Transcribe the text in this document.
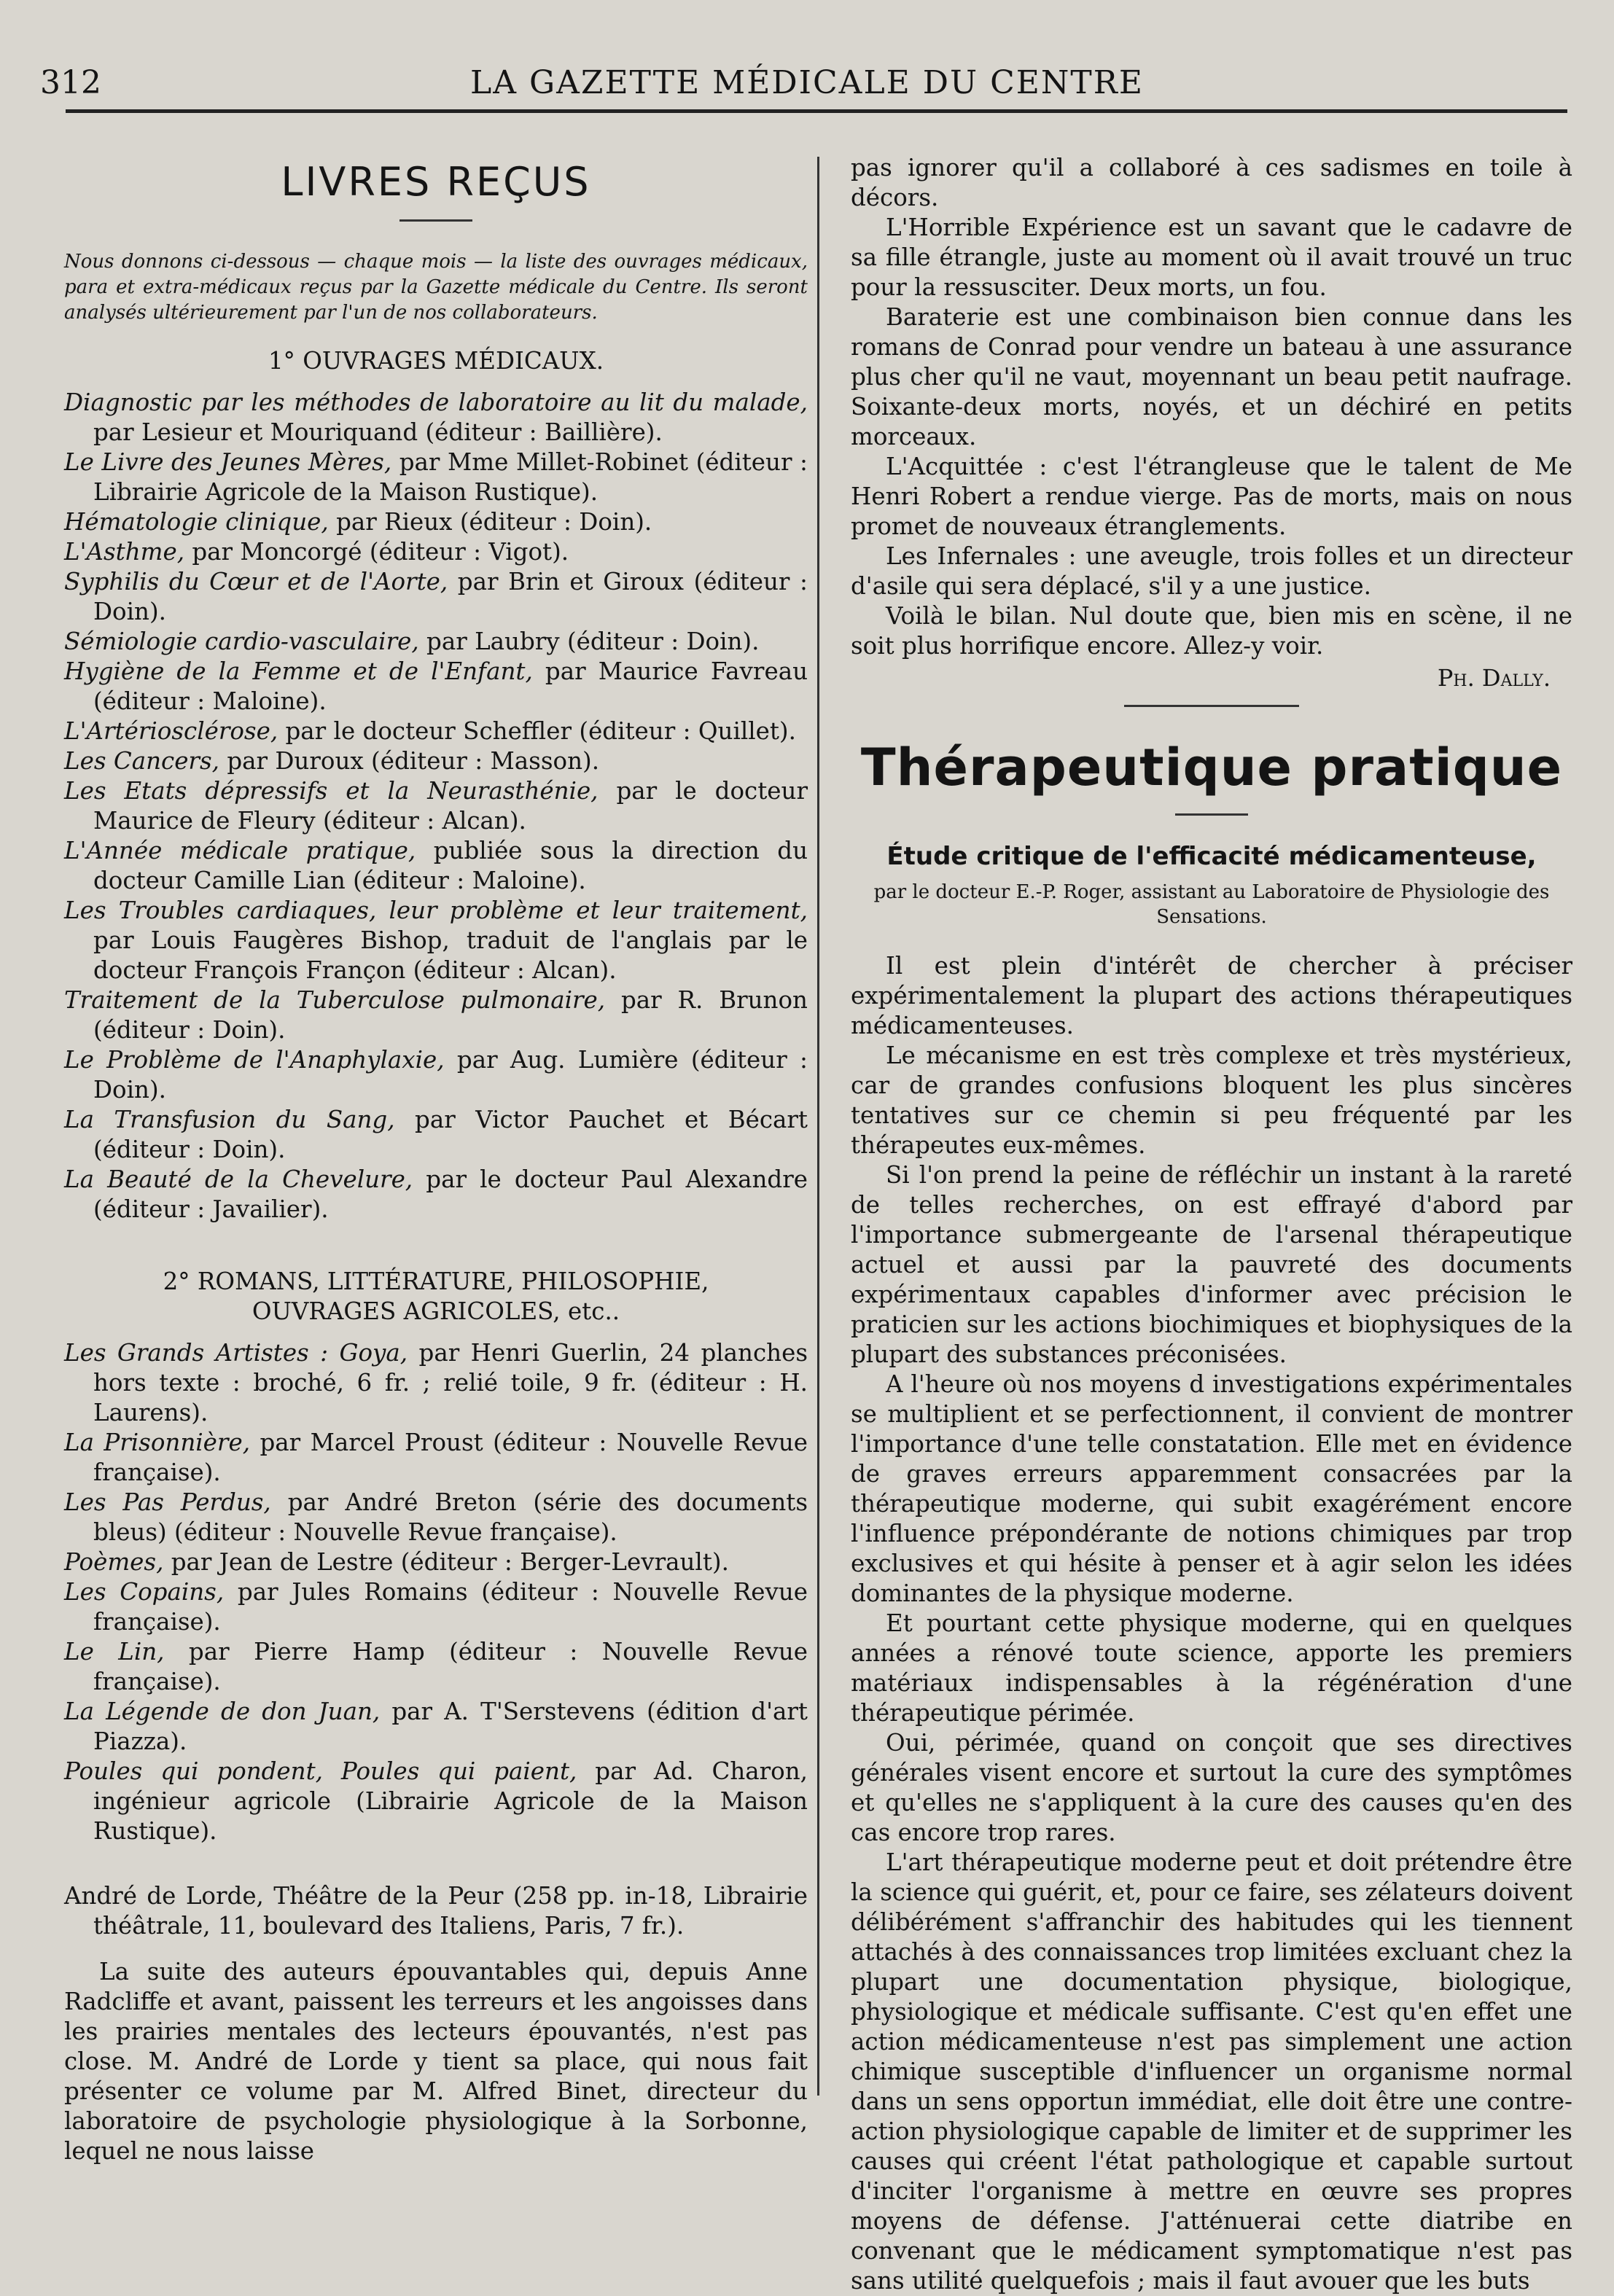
312	LA GAZETTE MÉDICALE DU CENTRE
LIVRES REÇUS

Nous donnons ci-dessous — chaque mois — la liste des ouvrages médicaux, para et extra-médicaux reçus par la Gazette médicale du Centre. Ils seront analysés ultérieurement par l'un de nos collaborateurs.

1° OUVRAGES MÉDICAUX.

Diagnostic par les méthodes de laboratoire au lit du malade, par Lesieur et Mouriquand (éditeur : Baillière).

Le Livre des Jeunes Mères, par Mme Millet-Robinet (éditeur : Librairie Agricole de la Maison Rustique).

Hématologie clinique, par Rieux (éditeur : Doin).

L'Asthme, par Moncorgé (éditeur : Vigot).

Syphilis du Cœur et de l'Aorte, par Brin et Giroux (éditeur : Doin).

Sémiologie cardio-vasculaire, par Laubry (éditeur : Doin).

Hygiène de la Femme et de l'Enfant, par Maurice Favreau (éditeur : Maloine).

L'Artériosclérose, par le docteur Scheffler (éditeur : Quillet).

Les Cancers, par Duroux (éditeur : Masson).

Les Etats dépressifs et la Neurasthénie, par le docteur Maurice de Fleury (éditeur : Alcan).

L'Année médicale pratique, publiée sous la direction du docteur Camille Lian (éditeur : Maloine).

Les Troubles cardiaques, leur problème et leur traitement, par Louis Faugères Bishop, traduit de l'anglais par le docteur François Françon (éditeur : Alcan).

Traitement de la Tuberculose pulmonaire, par R. Brunon (éditeur : Doin).

Le Problème de l'Anaphylaxie, par Aug. Lumière (éditeur : Doin).

La Transfusion du Sang, par Victor Pauchet et Bécart (éditeur : Doin).

La Beauté de la Chevelure, par le docteur Paul Alexandre (éditeur : Javailier).

2° ROMANS, LITTÉRATURE, PHILOSOPHIE,
OUVRAGES AGRICOLES, etc..

Les Grands Artistes : Goya, par Henri Guerlin, 24 planches hors texte : broché, 6 fr. ; relié toile, 9 fr. (éditeur : H. Laurens).

La Prisonnière, par Marcel Proust (éditeur : Nouvelle Revue française).

Les Pas Perdus, par André Breton (série des documents bleus) (éditeur : Nouvelle Revue française).

Poèmes, par Jean de Lestre (éditeur : Berger-Levrault).

Les Copains, par Jules Romains (éditeur : Nouvelle Revue française).

Le Lin, par Pierre Hamp (éditeur : Nouvelle Revue française).

La Légende de don Juan, par A. T'Serstevens (édition d'art Piazza).

Poules qui pondent, Poules qui paient, par Ad. Charon, ingénieur agricole (Librairie Agricole de la Maison Rustique).

André de Lorde, Théâtre de la Peur (258 pp. in-18, Librairie théâtrale, 11, boulevard des Italiens, Paris, 7 fr.).

La suite des auteurs épouvantables qui, depuis Anne Radcliffe et avant, paissent les terreurs et les angoisses dans les prairies mentales des lecteurs épouvantés, n'est pas close. M. André de Lorde y tient sa place, qui nous fait présenter ce volume par M. Alfred Binet, directeur du laboratoire de psychologie physiologique à la Sorbonne, lequel ne nous laisse

pas ignorer qu'il a collaboré à ces sadismes en toile à décors.

L'Horrible Expérience est un savant que le cadavre de sa fille étrangle, juste au moment où il avait trouvé un truc pour la ressusciter. Deux morts, un fou.

Baraterie est une combinaison bien connue dans les romans de Conrad pour vendre un bateau à une assurance plus cher qu'il ne vaut, moyennant un beau petit naufrage. Soixante-deux morts, noyés, et un déchiré en petits morceaux.

L'Acquittée : c'est l'étrangleuse que le talent de Me Henri Robert a rendue vierge. Pas de morts, mais on nous promet de nouveaux étranglements.

Les Infernales : une aveugle, trois folles et un directeur d'asile qui sera déplacé, s'il y a une justice.

Voilà le bilan. Nul doute que, bien mis en scène, il ne soit plus horrifique encore. Allez-y voir.

Ph. Dally.
Thérapeutique pratique
Étude critique de l'efficacité médicamenteuse,
par le docteur E.-P. Roger, assistant au Laboratoire de Physiologie des Sensations.

Il est plein d'intérêt de chercher à préciser expérimentalement la plupart des actions thérapeutiques médicamenteuses.

Le mécanisme en est très complexe et très mystérieux, car de grandes confusions bloquent les plus sincères tentatives sur ce chemin si peu fréquenté par les thérapeutes eux-mêmes.

Si l'on prend la peine de réfléchir un instant à la rareté de telles recherches, on est effrayé d'abord par l'importance submergeante de l'arsenal thérapeutique actuel et aussi par la pauvreté des documents expérimentaux capables d'informer avec précision le praticien sur les actions biochimiques et biophysiques de la plupart des substances préconisées.

A l'heure où nos moyens d investigations expérimentales se multiplient et se perfectionnent, il convient de montrer l'importance d'une telle constatation. Elle met en évidence de graves erreurs apparemment consacrées par la thérapeutique moderne, qui subit exagérément encore l'influence prépondérante de notions chimiques par trop exclusives et qui hésite à penser et à agir selon les idées dominantes de la physique moderne.

Et pourtant cette physique moderne, qui en quelques années a rénové toute science, apporte les premiers matériaux indispensables à la régénération d'une thérapeutique périmée.

Oui, périmée, quand on conçoit que ses directives générales visent encore et surtout la cure des symptômes et qu'elles ne s'appliquent à la cure des causes qu'en des cas encore trop rares.

L'art thérapeutique moderne peut et doit prétendre être la science qui guérit, et, pour ce faire, ses zélateurs doivent délibérément s'affranchir des habitudes qui les tiennent attachés à des connaissances trop limitées excluant chez la plupart une documentation physique, biologique, physiologique et médicale suffisante. C'est qu'en effet une action médicamenteuse n'est pas simplement une action chimique susceptible d'influencer un organisme normal dans un sens opportun immédiat, elle doit être une contre-action physiologique capable de limiter et de supprimer les causes qui créent l'état pathologique et capable surtout d'inciter l'organisme à mettre en œuvre ses propres moyens de défense. J'atténuerai cette diatribe en convenant que le médicament symptomatique n'est pas sans utilité quelquefois ; mais il faut avouer que les buts
